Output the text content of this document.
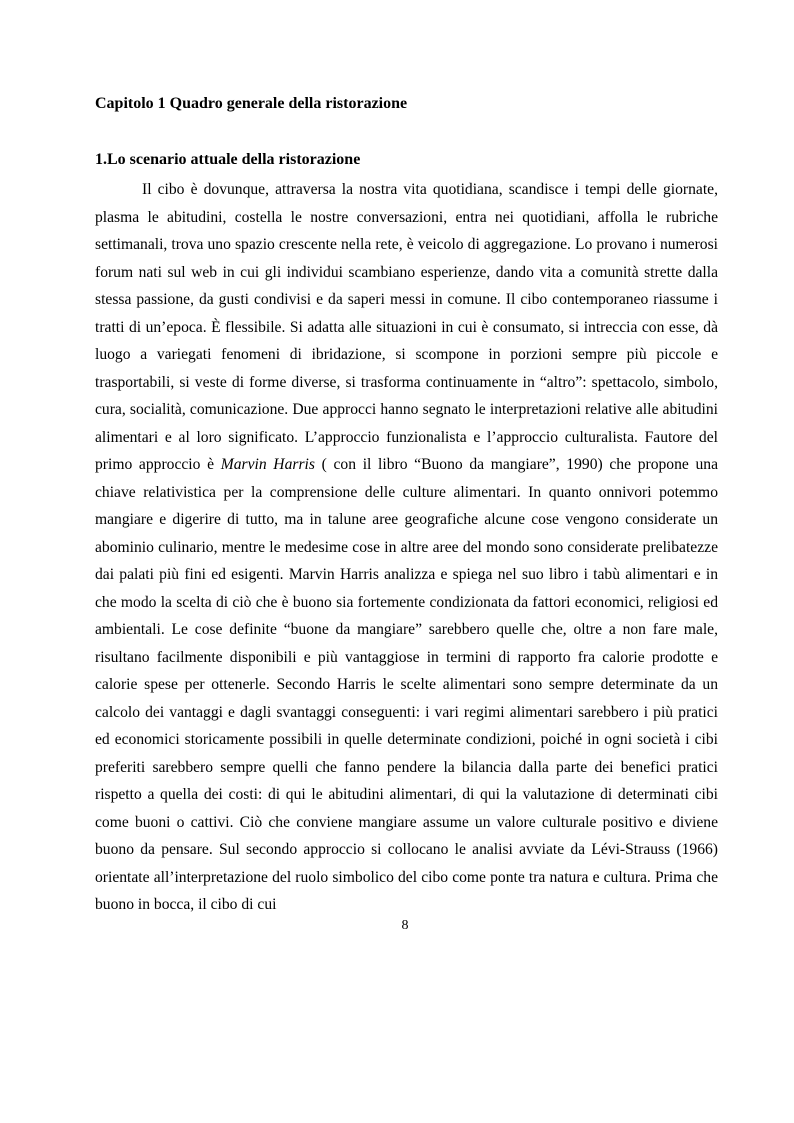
Capitolo 1 Quadro generale della ristorazione
1.Lo scenario attuale della ristorazione

Il cibo è dovunque, attraversa la nostra vita quotidiana, scandisce i tempi delle giornate, plasma le abitudini, costella le nostre conversazioni, entra nei quotidiani, affolla le rubriche settimanali, trova uno spazio crescente nella rete, è veicolo di aggregazione. Lo provano i numerosi forum nati sul web in cui gli individui scambiano esperienze, dando vita a comunità strette dalla stessa passione, da gusti condivisi e da saperi messi in comune. Il cibo contemporaneo riassume i tratti di un’epoca. È flessibile. Si adatta alle situazioni in cui è consumato, si intreccia con esse, dà luogo a variegati fenomeni di ibridazione, si scompone in porzioni sempre più piccole e trasportabili, si veste di forme diverse, si trasforma continuamente in “altro”: spettacolo, simbolo, cura, socialità, comunicazione. Due approcci hanno segnato le interpretazioni relative alle abitudini alimentari e al loro significato. L’approccio funzionalista e l’approccio culturalista. Fautore del primo approccio è Marvin Harris ( con il libro “Buono da mangiare”, 1990) che propone una chiave relativistica per la comprensione delle culture alimentari. In quanto onnivori potemmo mangiare e digerire di tutto, ma in talune aree geografiche alcune cose vengono considerate un abominio culinario, mentre le medesime cose in altre aree del mondo sono considerate prelibatezze dai palati più fini ed esigenti. Marvin Harris analizza e spiega nel suo libro i tabù alimentari e in che modo la scelta di ciò che è buono sia fortemente condizionata da fattori economici, religiosi ed ambientali. Le cose definite “buone da mangiare” sarebbero quelle che, oltre a non fare male, risultano facilmente disponibili e più vantaggiose in termini di rapporto fra calorie prodotte e calorie spese per ottenerle. Secondo Harris le scelte alimentari sono sempre determinate da un calcolo dei vantaggi e dagli svantaggi conseguenti: i vari regimi alimentari sarebbero i più pratici ed economici storicamente possibili in quelle determinate condizioni, poiché in ogni società i cibi preferiti sarebbero sempre quelli che fanno pendere la bilancia dalla parte dei benefici pratici rispetto a quella dei costi: di qui le abitudini alimentari, di qui la valutazione di determinati cibi come buoni o cattivi. Ciò che conviene mangiare assume un valore culturale positivo e diviene buono da pensare. Sul secondo approccio si collocano le analisi avviate da Lévi-Strauss (1966) orientate all’interpretazione del ruolo simbolico del cibo come ponte tra natura e cultura. Prima che buono in bocca, il cibo di cui

8
